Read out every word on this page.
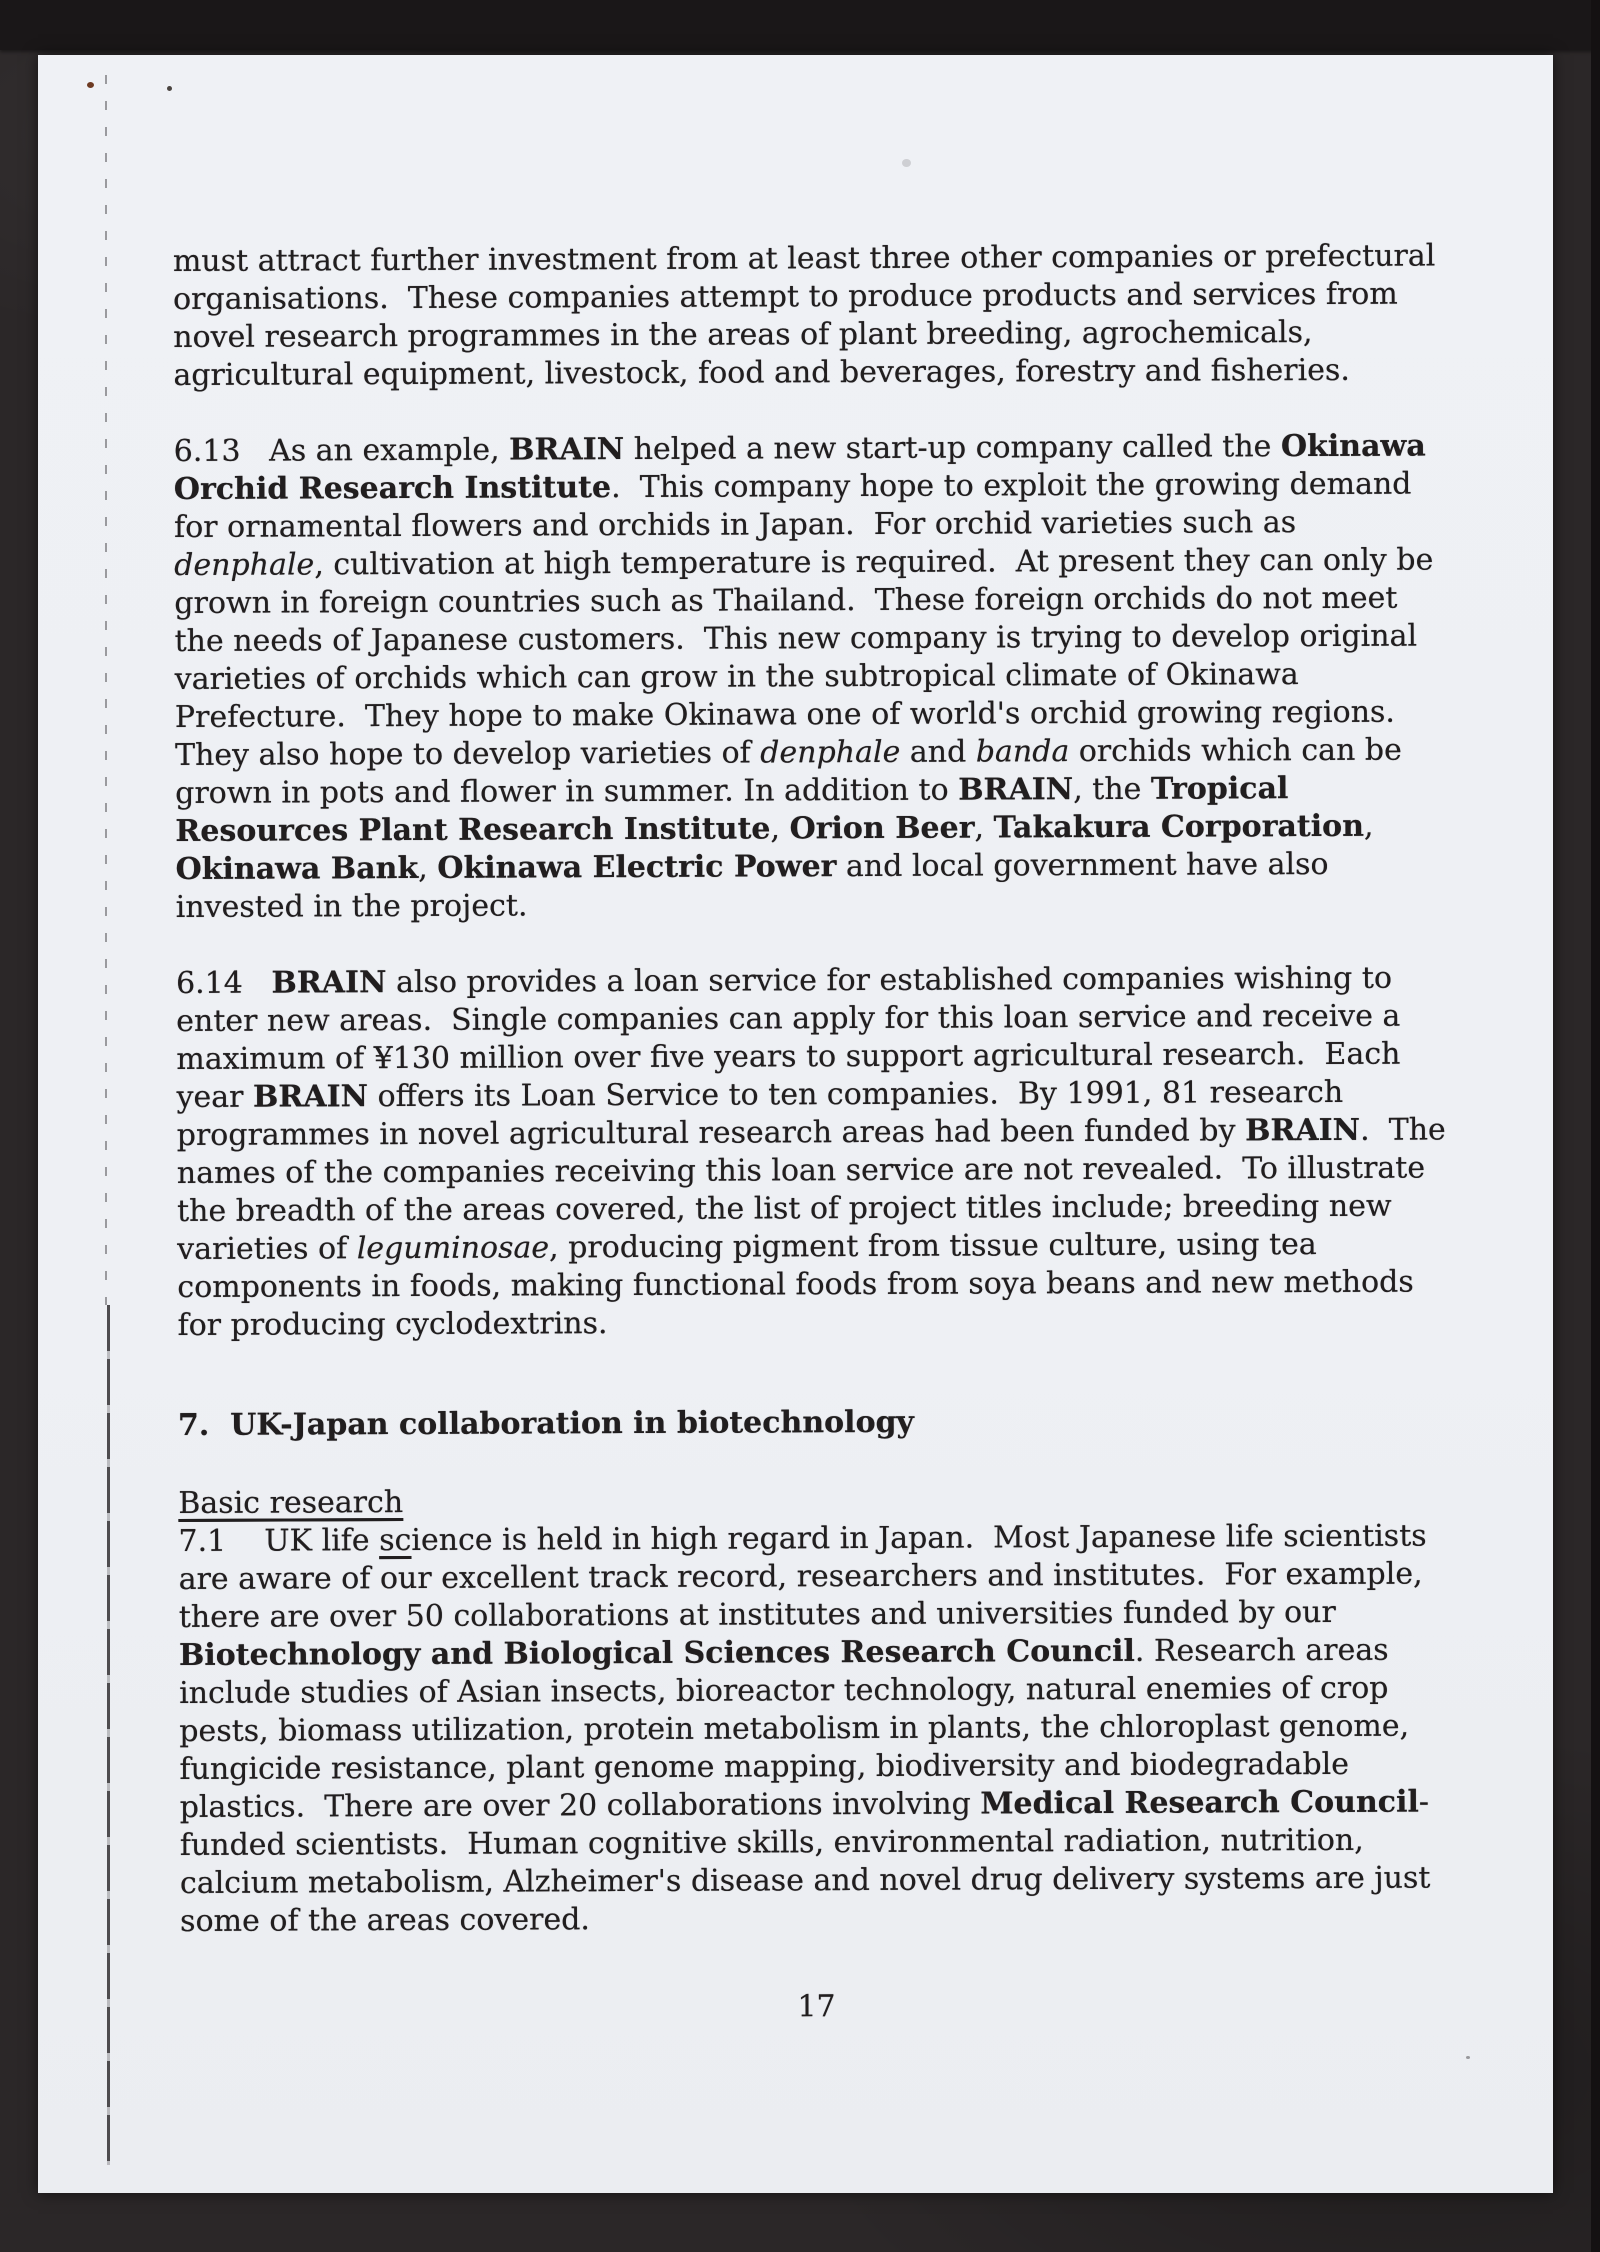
must attract further investment from at least three other companies or prefectural organisations.  These companies attempt to produce products and services from novel research programmes in the areas of plant breeding, agrochemicals, agricultural equipment, livestock, food and beverages, forestry and fisheries.

6.13   As an example, BRAIN helped a new start-up company called the Okinawa Orchid Research Institute.  This company hope to exploit the growing demand for ornamental flowers and orchids in Japan.  For orchid varieties such as denphale, cultivation at high temperature is required.  At present they can only be grown in foreign countries such as Thailand.  These foreign orchids do not meet the needs of Japanese customers.  This new company is trying to develop original varieties of orchids which can grow in the subtropical climate of Okinawa Prefecture.  They hope to make Okinawa one of world's orchid growing regions.  They also hope to develop varieties of denphale and banda orchids which can be grown in pots and flower in summer. In addition to BRAIN, the Tropical Resources Plant Research Institute, Orion Beer, Takakura Corporation, Okinawa Bank, Okinawa Electric Power and local government have also invested in the project.

6.14   BRAIN also provides a loan service for established companies wishing to enter new areas.  Single companies can apply for this loan service and receive a maximum of ¥130 million over five years to support agricultural research.  Each year BRAIN offers its Loan Service to ten companies.  By 1991, 81 research programmes in novel agricultural research areas had been funded by BRAIN.  The names of the companies receiving this loan service are not revealed.  To illustrate the breadth of the areas covered, the list of project titles include; breeding new varieties of leguminosae, producing pigment from tissue culture, using tea components in foods, making functional foods from soya beans and new methods for producing cyclodextrins.

7.  UK-Japan collaboration in biotechnology
Basic research

7.1    UK life science is held in high regard in Japan.  Most Japanese life scientists are aware of our excellent track record, researchers and institutes.  For example, there are over 50 collaborations at institutes and universities funded by our Biotechnology and Biological Sciences Research Council. Research areas include studies of Asian insects, bioreactor technology, natural enemies of crop pests, biomass utilization, protein metabolism in plants, the chloroplast genome, fungicide resistance, plant genome mapping, biodiversity and biodegradable plastics.  There are over 20 collaborations involving Medical Research Council-funded scientists.  Human cognitive skills, environmental radiation, nutrition, calcium metabolism, Alzheimer's disease and novel drug delivery systems are just some of the areas covered.

17
